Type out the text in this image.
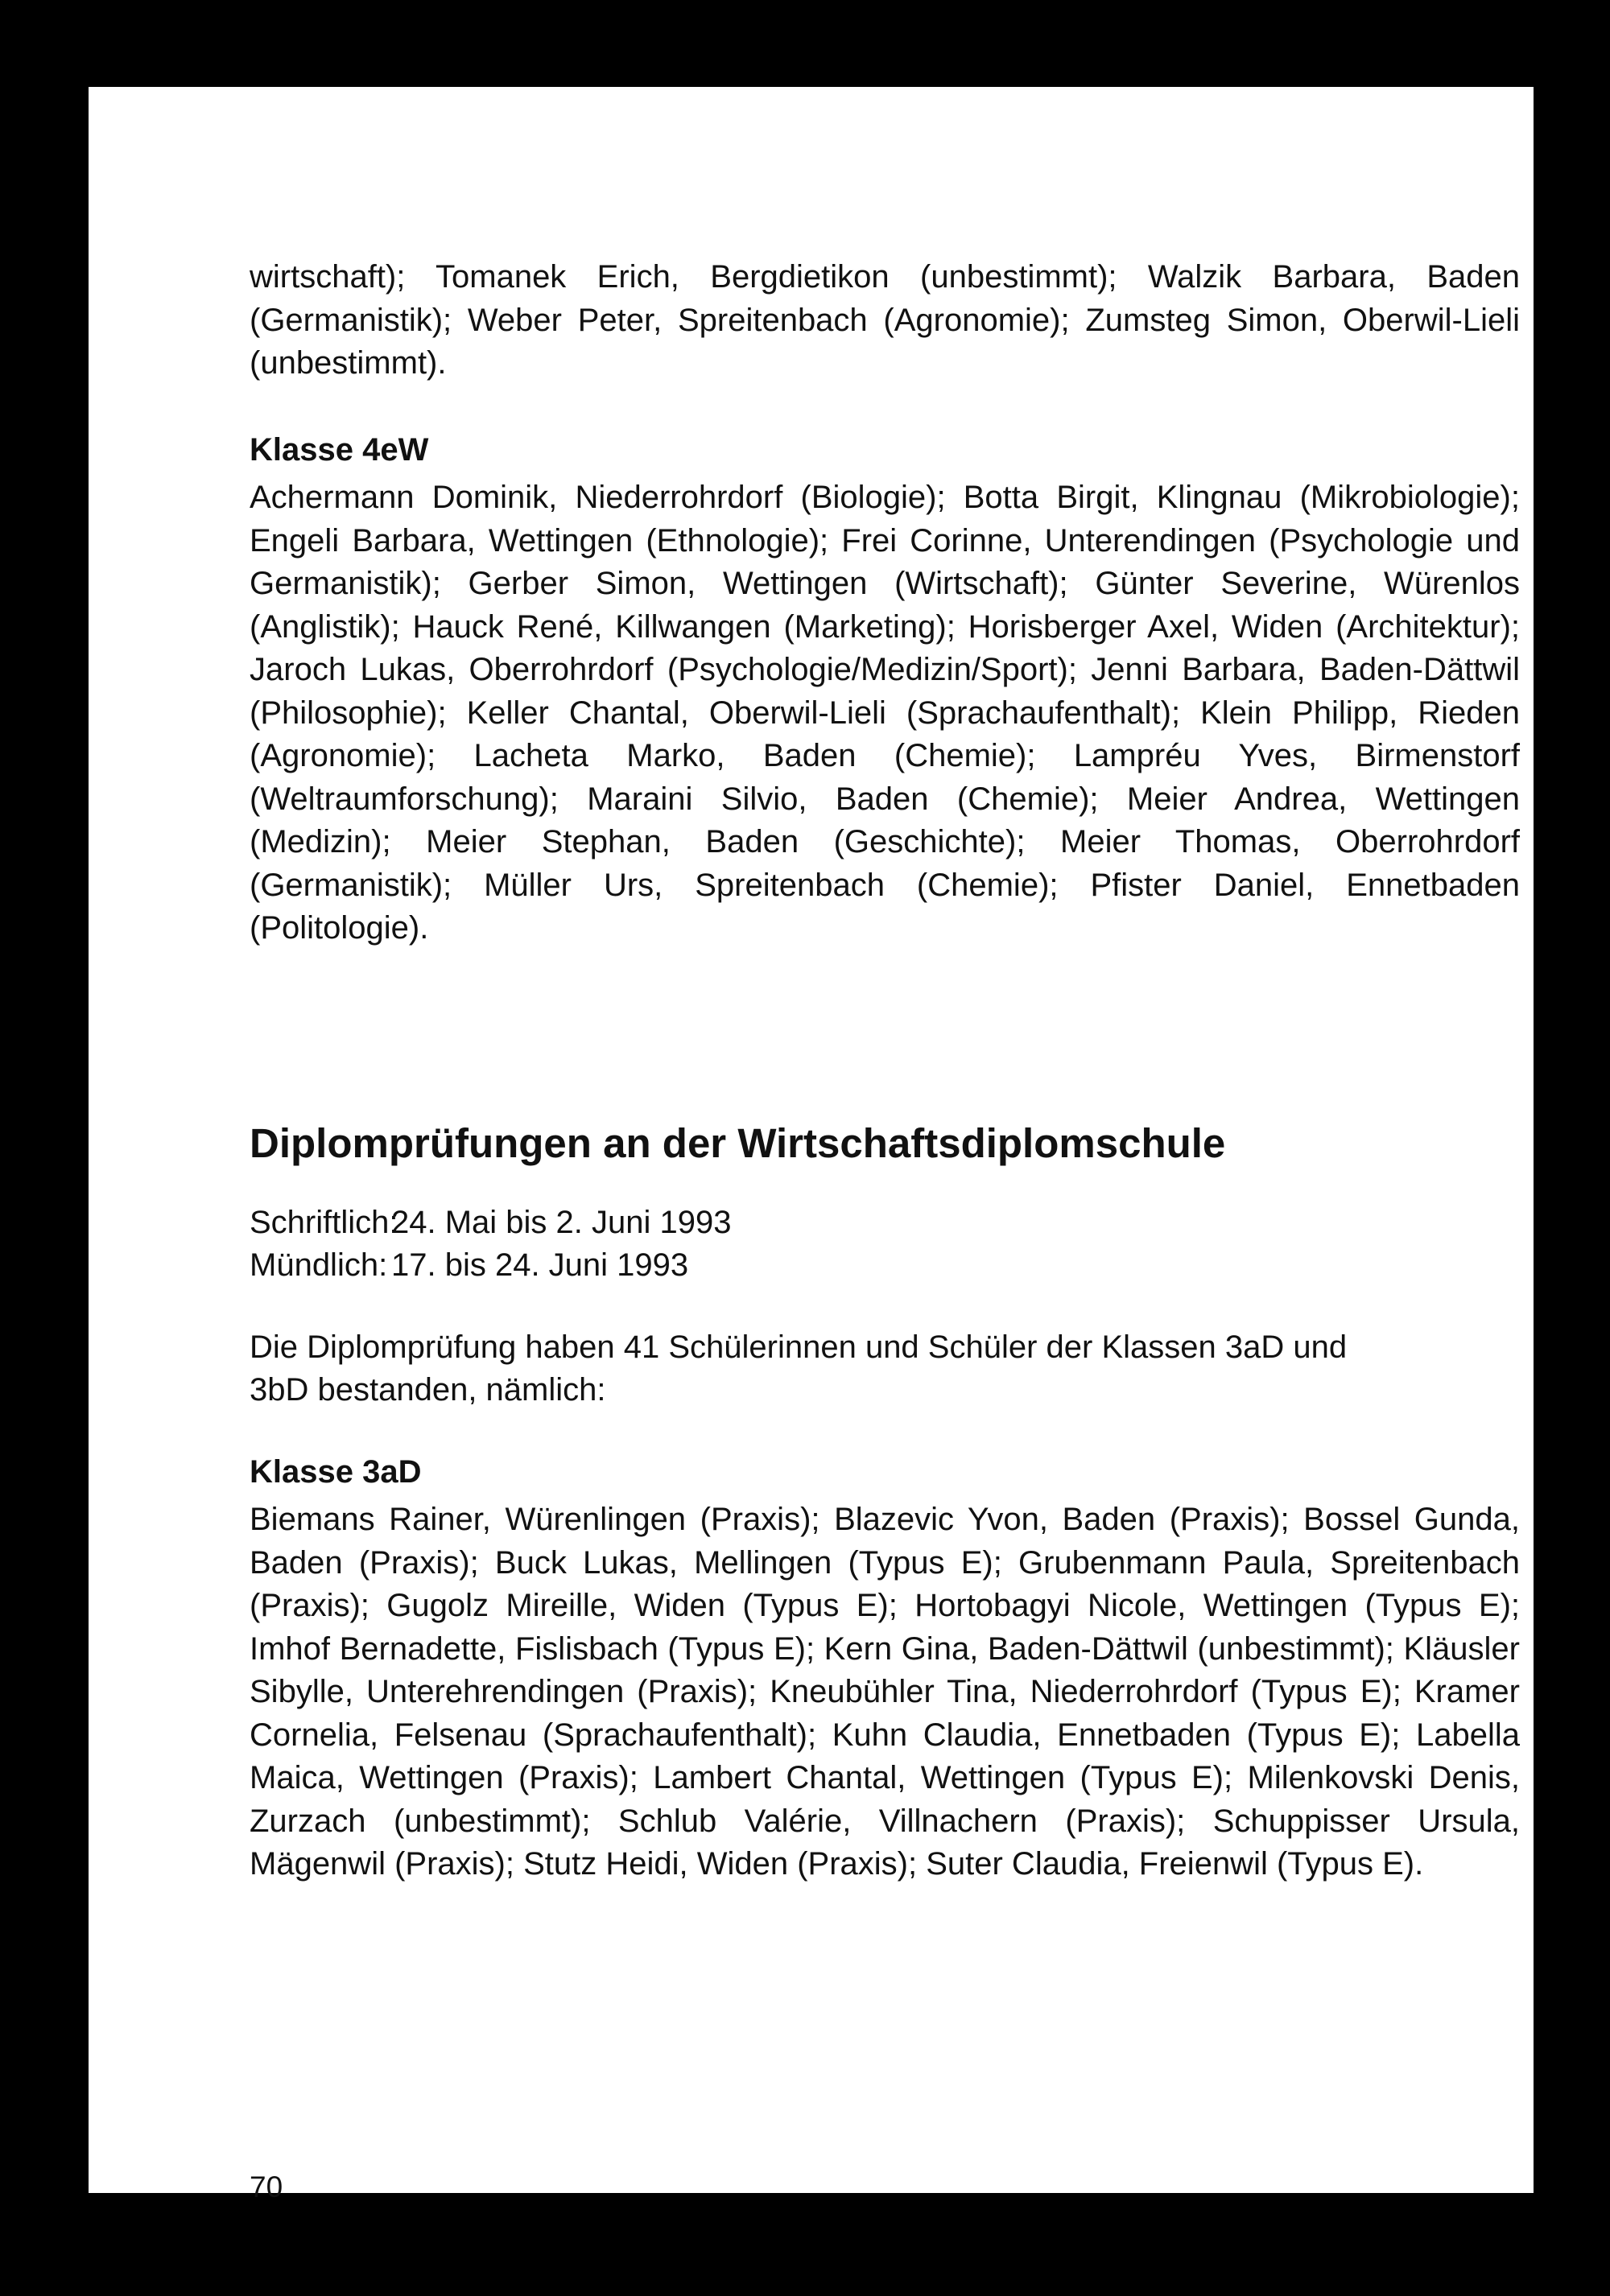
wirtschaft); Tomanek Erich, Bergdietikon (unbestimmt); Walzik Barbara, Baden (Germanistik); Weber Peter, Spreitenbach (Agronomie); Zumsteg Simon, Oberwil-Lieli (unbestimmt).

Klasse 4eW

Achermann Dominik, Niederrohrdorf (Biologie); Botta Birgit, Klingnau (Mikrobiologie); Engeli Barbara, Wettingen (Ethnologie); Frei Corinne, Unterendingen (Psychologie und Germanistik); Gerber Simon, Wettingen (Wirtschaft); Günter Severine, Würenlos (Anglistik); Hauck René, Killwangen (Marketing); Horisberger Axel, Widen (Architektur); Jaroch Lukas, Oberrohrdorf (Psychologie/Medizin/Sport); Jenni Barbara, Baden-Dättwil (Philosophie); Keller Chantal, Oberwil-Lieli (Sprachaufenthalt); Klein Philipp, Rieden (Agronomie); Lacheta Marko, Baden (Chemie); Lampréu Yves, Birmenstorf (Weltraumforschung); Maraini Silvio, Baden (Chemie); Meier Andrea, Wettingen (Medizin); Meier Stephan, Baden (Geschichte); Meier Thomas, Oberrohrdorf (Germanistik); Müller Urs, Spreitenbach (Chemie); Pfister Daniel, Ennetbaden (Politologie).

Diplomprüfungen an der Wirtschaftsdiplomschule
Schriftlich:
24. Mai bis 2. Juni 1993
Mündlich: 17. bis 24. Juni 1993

Die Diplomprüfung haben 41 Schülerinnen und Schüler der Klassen 3aD und 3bD bestanden, nämlich:

Klasse 3aD

Biemans Rainer, Würenlingen (Praxis); Blazevic Yvon, Baden (Praxis); Bossel Gunda, Baden (Praxis); Buck Lukas, Mellingen (Typus E); Grubenmann Paula, Spreitenbach (Praxis); Gugolz Mireille, Widen (Typus E); Hortobagyi Nicole, Wettingen (Typus E); Imhof Bernadette, Fislisbach (Typus E); Kern Gina, Baden-Dättwil (unbestimmt); Kläusler Sibylle, Unterehrendingen (Praxis); Kneubühler Tina, Niederrohrdorf (Typus E); Kramer Cornelia, Felsenau (Sprachaufenthalt); Kuhn Claudia, Ennetbaden (Typus E); Labella Maica, Wettingen (Praxis); Lambert Chantal, Wettingen (Typus E); Milenkovski Denis, Zurzach (unbestimmt); Schlub Valérie, Villnachern (Praxis); Schuppisser Ursula, Mägenwil (Praxis); Stutz Heidi, Widen (Praxis); Suter Claudia, Freienwil (Typus E).

70
